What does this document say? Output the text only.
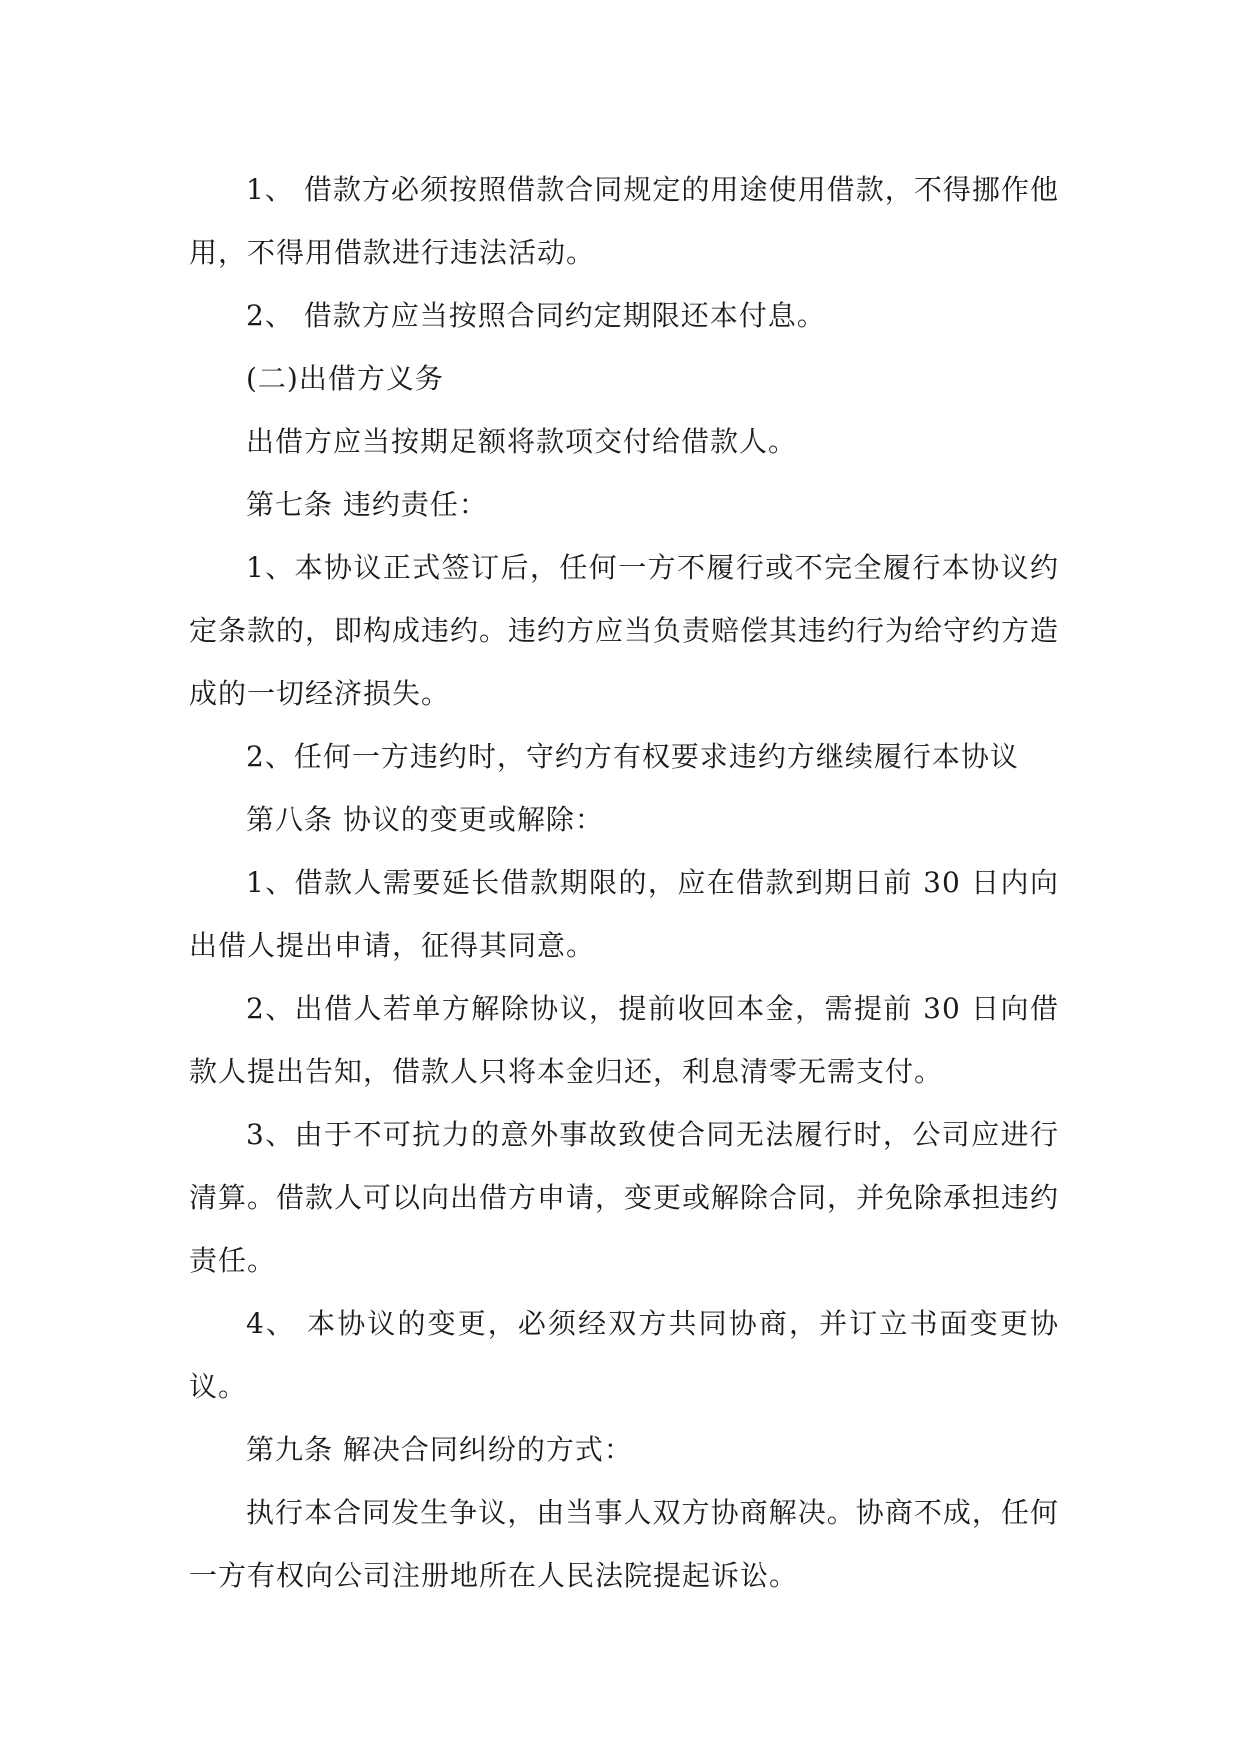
1、 借款方必须按照借款合同规定的用途使用借款，不得挪作他用，不得用借款进行违法活动。

2、 借款方应当按照合同约定期限还本付息。

(二)出借方义务

出借方应当按期足额将款项交付给借款人。

第七条 违约责任：

1、本协议正式签订后，任何一方不履行或不完全履行本协议约定条款的，即构成违约。违约方应当负责赔偿其违约行为给守约方造成的一切经济损失。

2、任何一方违约时，守约方有权要求违约方继续履行本协议

第八条 协议的变更或解除：

1、借款人需要延长借款期限的，应在借款到期日前 30 日内向出借人提出申请，征得其同意。

2、出借人若单方解除协议，提前收回本金，需提前 30 日向借款人提出告知，借款人只将本金归还，利息清零无需支付。

3、由于不可抗力的意外事故致使合同无法履行时，公司应进行清算。借款人可以向出借方申请，变更或解除合同，并免除承担违约责任。

4、 本协议的变更，必须经双方共同协商，并订立书面变更协议。

第九条 解决合同纠纷的方式：

执行本合同发生争议，由当事人双方协商解决。协商不成，任何一方有权向公司注册地所在人民法院提起诉讼。
